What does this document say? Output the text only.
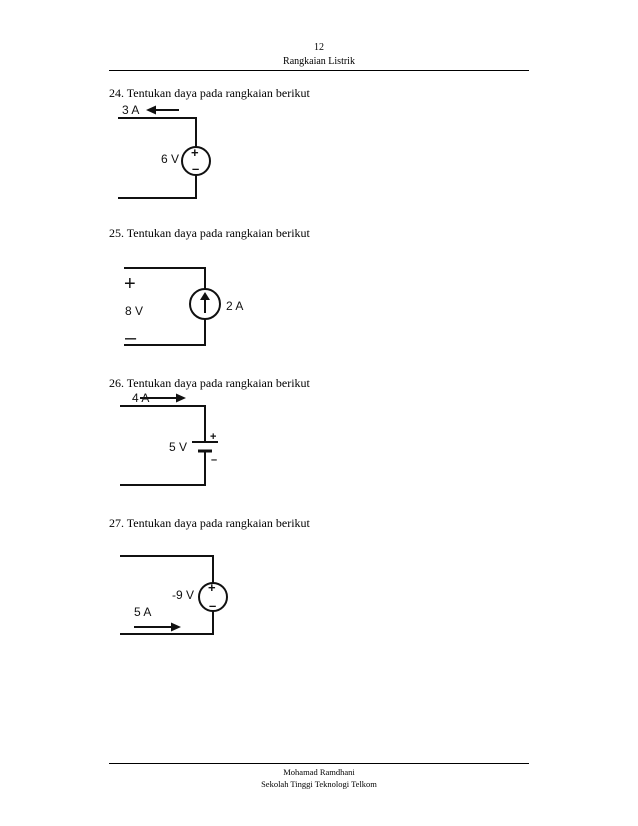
12
Rangkaian Listrik
24. Tentukan daya pada rangkaian berikut
3 A
6 V +
–
25. Tentukan daya pada rangkaian berikut
+
8 V
–
2 A
26. Tentukan daya pada rangkaian berikut
4 A
5 V
+
–
27. Tentukan daya pada rangkaian berikut
+
–
-9 V
5 A
Mohamad Ramdhani
Sekolah Tinggi Teknologi Telkom
